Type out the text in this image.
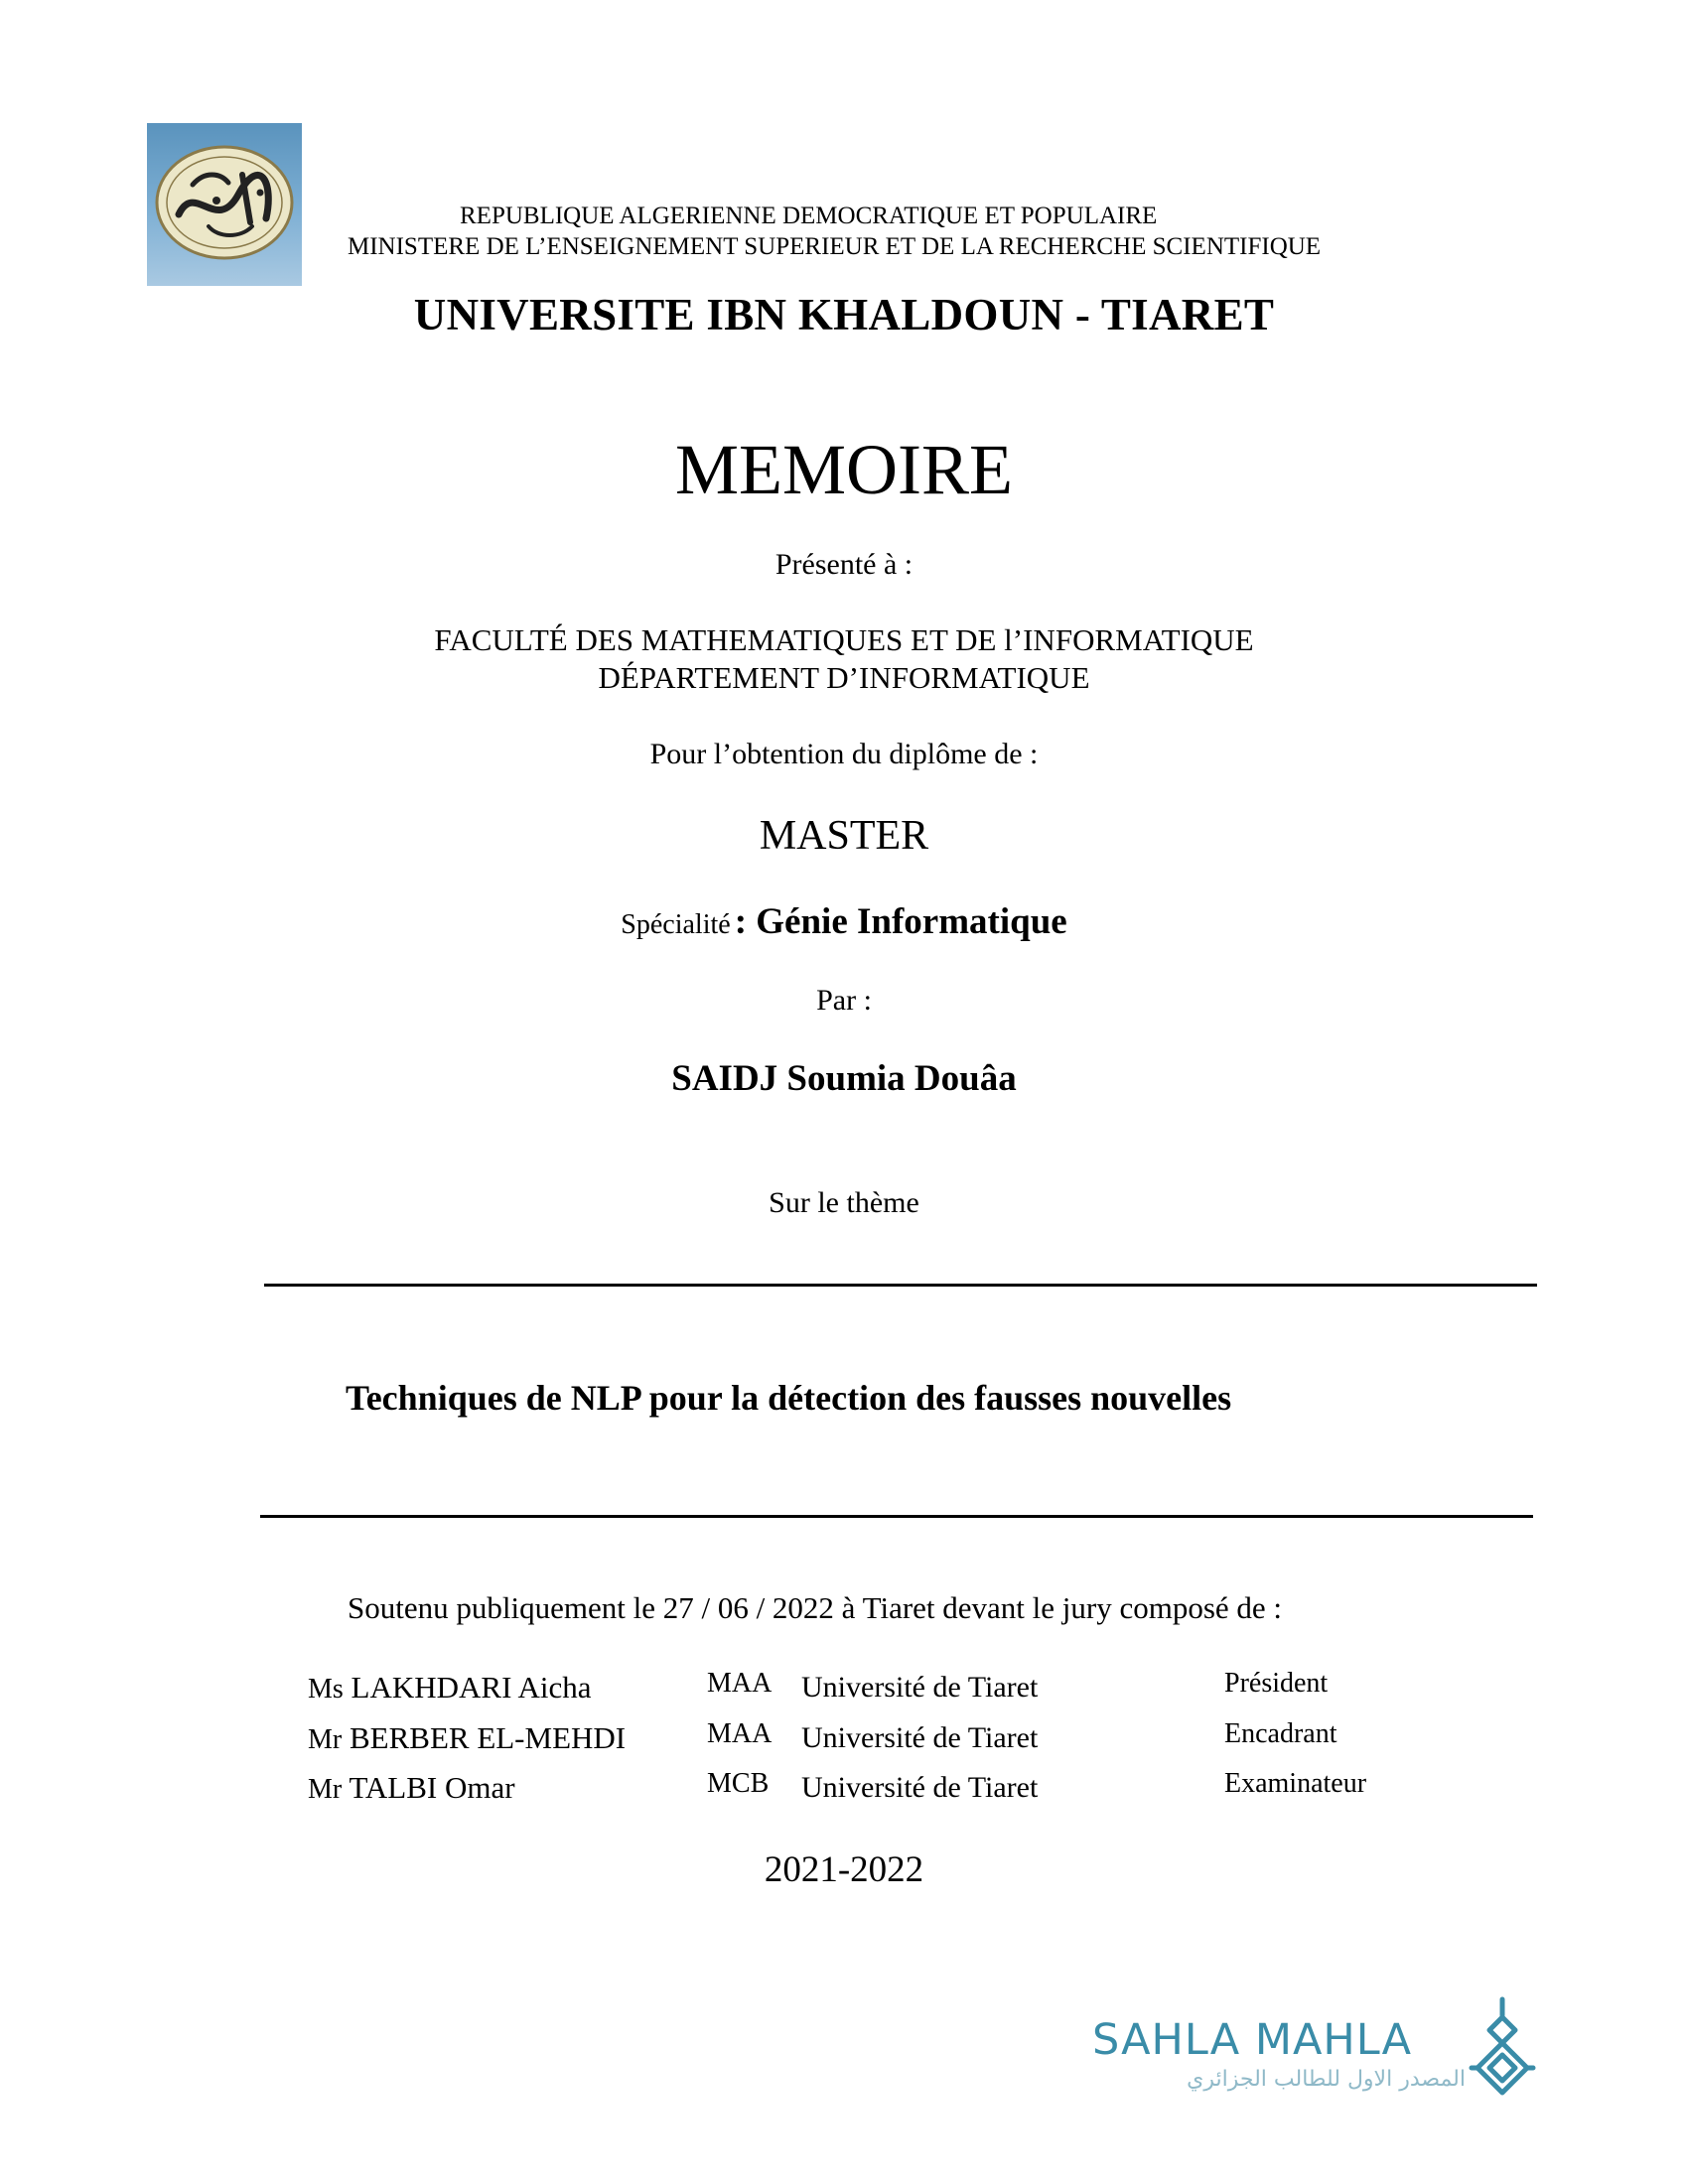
REPUBLIQUE ALGERIENNE DEMOCRATIQUE ET POPULAIRE
MINISTERE DE L’ENSEIGNEMENT SUPERIEUR ET DE LA RECHERCHE SCIENTIFIQUE
UNIVERSITE IBN KHALDOUN - TIARET
MEMOIRE
Présenté à :
FACULTÉ DES MATHEMATIQUES ET DE l’INFORMATIQUE
DÉPARTEMENT D’INFORMATIQUE
Pour l’obtention du diplôme de :
MASTER
Spécialité : Génie Informatique
Par :
SAIDJ Soumia Douâa
Sur le thème
Techniques de NLP pour la détection des fausses nouvelles
Soutenu publiquement le 27 / 06 / 2022 à Tiaret devant le jury composé de :
Ms LAKHDARI Aicha	MAA Université de Tiaret	Président
Mr BERBER EL-MEHDI	MAA Université de Tiaret	Encadrant
Mr TALBI Omar	MCB Université de Tiaret	Examinateur
2021-2022
SAHLA MAHLA
المصدر الاول للطالب الجزائري
